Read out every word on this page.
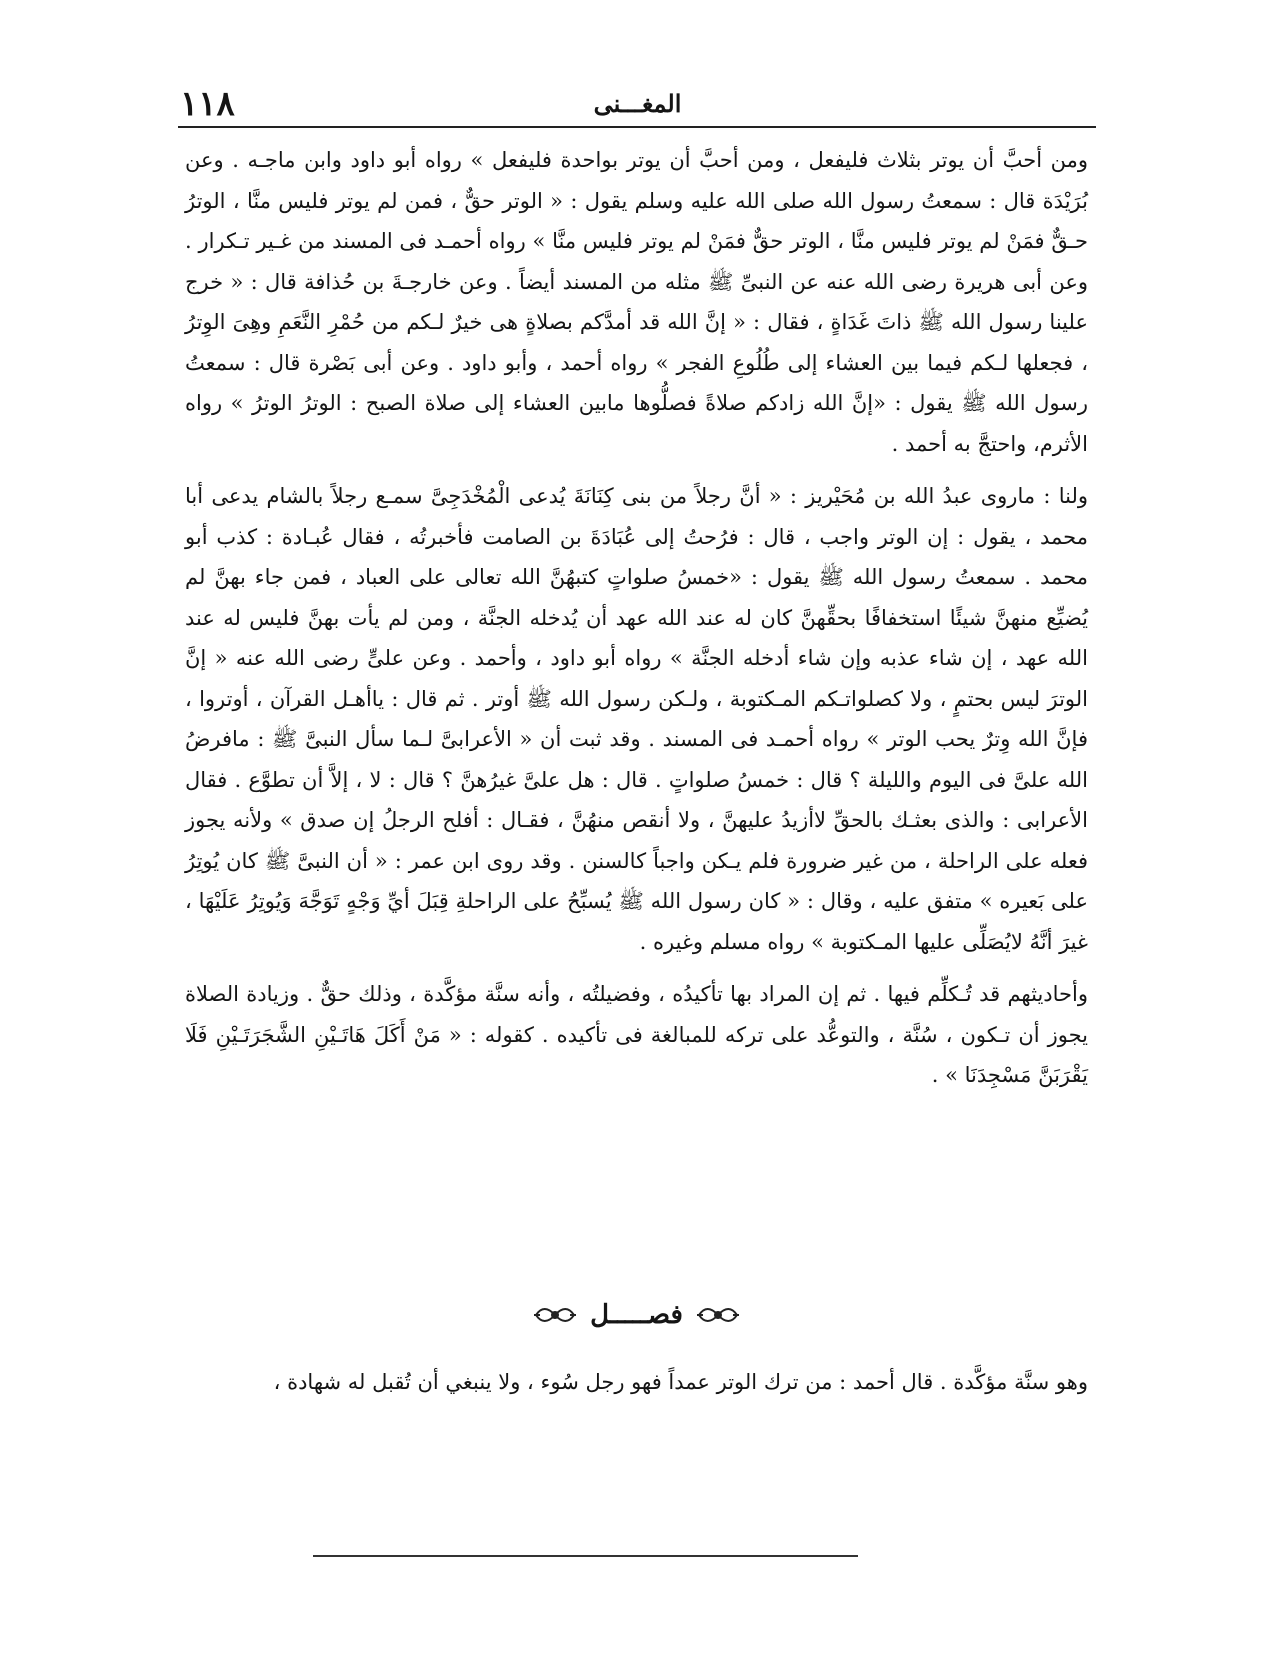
١١٨	المغـــنى

ومن أحبَّ أن يوتر بثلاث فليفعل ، ومن أحبَّ أن يوتر بواحدة فليفعل » رواه أبو داود وابن ماجـه . وعن بُرَيْدَة قال : سمعتُ رسول الله صلى الله عليه وسلم يقول : « الوتر حقٌّ ، فمن لم يوتر فليس منَّا ، الوترُ حـقٌّ فمَنْ لم يوتر فليس منَّا ، الوتر حقٌّ فمَنْ لم يوتر فليس منَّا » رواه أحمـد فى المسند من غـير تـكرار . وعن أبى هريرة رضى الله عنه عن النبىِّ ﷺ مثله من المسند أيضاً . وعن خارجـةَ بن حُذافة قال : « خرج علينا رسول الله ﷺ ذاتَ غَدَاةٍ ، فقال : « إنَّ الله قد أمدَّكم بصلاةٍ هى خيرٌ لـكم من حُمْرِ النَّعَمِ وهِىَ الوِترُ ، فجعلها لـكم فيما بين العشاء إلى طُلُوعِ الفجر » رواه أحمد ، وأبو داود . وعن أبى بَصْرة قال : سمعتُ رسول الله ﷺ يقول : «إنَّ الله زادكم صلاةً فصلُّوها مابين العشاء إلى صلاة الصبح : الوترُ الوترُ » رواه الأثرم، واحتجَّ به أحمد .

ولنا : ماروى عبدُ الله بن مُحَيْريز : « أنَّ رجلاً من بنى كِنَانَةَ يُدعى الْمُخْدَجِىَّ سمـع رجلاً بالشام يدعى أبا محمد ، يقول : إن الوتر واجب ، قال : فرُحتُ إلى عُبَادَةَ بن الصامت فأخبرتُه ، فقال عُبـادة : كذب أبو محمد . سمعتُ رسول الله ﷺ يقول : «خمسُ صلواتٍ كتبهُنَّ الله تعالى على العباد ، فمن جاء بهنَّ لم يُضيِّع منهنَّ شيئًا استخفافًا بحقِّهنَّ كان له عند الله عهد أن يُدخله الجنَّة ، ومن لم يأت بهنَّ فليس له عند الله عهد ، إن شاء عذبه وإن شاء أدخله الجنَّة » رواه أبو داود ، وأحمد . وعن علىٍّ رضى الله عنه « إنَّ الوترَ ليس بحتمٍ ، ولا كصلواتـكم المـكتوبة ، ولـكن رسول الله ﷺ أوتر . ثم قال : ياأهـل القرآن ، أوتروا ، فإنَّ الله وِترٌ يحب الوتر » رواه أحمـد فى المسند . وقد ثبت أن « الأعرابىَّ لـما سأل النبىَّ ﷺ : مافرضُ الله علىَّ فى اليوم والليلة ؟ قال : خمسُ صلواتٍ . قال : هل علىَّ غيرُهنَّ ؟ قال : لا ، إلاَّ أن تطوَّع . فقال الأعرابى : والذى بعثـك بالحقِّ لاأزيدُ عليهنَّ ، ولا أنقص منهُنَّ ، فقـال : أفلح الرجلُ إن صدق » ولأنه يجوز فعله على الراحلة ، من غير ضرورة فلم يـكن واجباً كالسنن . وقد روى ابن عمر : « أن النبىَّ ﷺ كان يُوتِرُ على بَعيره » متفق عليه ، وقال : « كان رسول الله ﷺ يُسبِّحُ على الراحلةِ قِبَلَ أيِّ وَجْهٍ تَوَجَّهَ وَيُوتِرُ عَلَيْهَا ، غيرَ أنَّهُ لايُصَلِّى عليها المـكتوبة » رواه مسلم وغيره .

وأحاديثهم قد تُـكلِّم فيها . ثم إن المراد بها تأكيدُه ، وفضيلتُه ، وأنه سنَّة مؤكَّدة ، وذلك حقٌّ . وزيادة الصلاة يجوز أن تـكون ، سُنَّة ، والتوعُّد على تركه للمبالغة فى تأكيده . كقوله : « مَنْ أَكَلَ هَاتَـيْنِ الشَّجَرَتَـيْنِ فَلَا يَقْرَبَنَّ مَسْجِدَنَا » .

فصـــــل

وهو سنَّة مؤكَّدة . قال أحمد : من ترك الوتر عمداً فهو رجل سُوء ، ولا ينبغي أن تُقبل له شهادة ،
